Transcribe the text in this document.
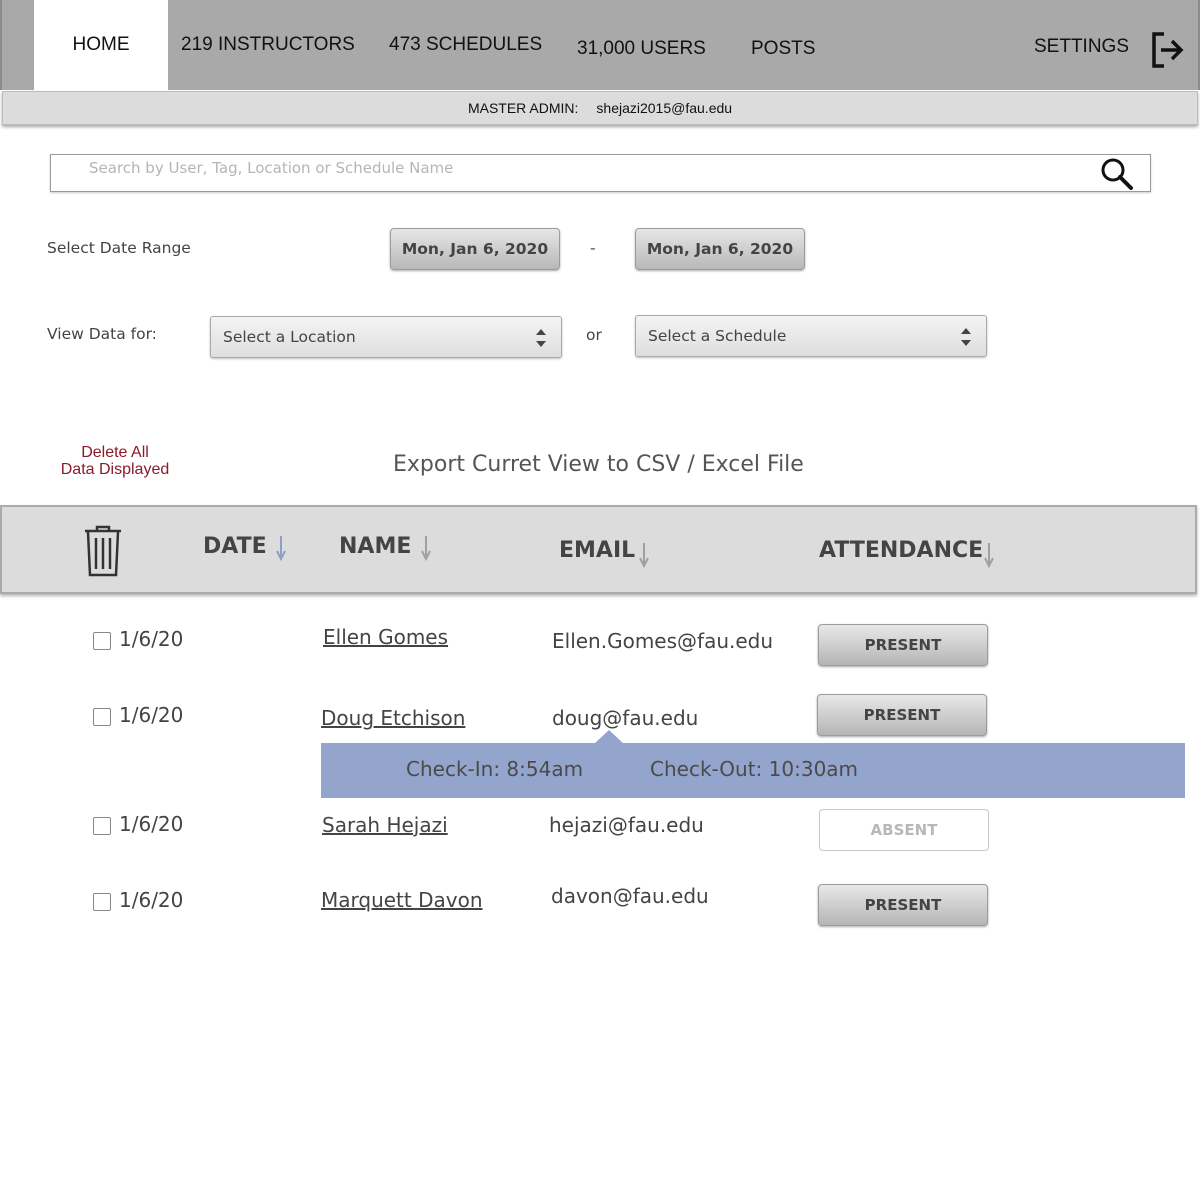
HOME	219 INSTRUCTORS 473 SCHEDULES 31,000 USERS POSTS	SETTINGS
MASTER ADMIN: shejazi2015@fau.edu
Search by User, Tag, Location or Schedule Name
Select Date Range	Mon, Jan 6, 2020	-	Mon, Jan 6, 2020
View Data for:	Select a Location	or	Select a Schedule
Delete All
Data Displayed	Export Curret View to CSV / Excel File
DATE	NAME	EMAIL	ATTENDANCE
1/6/20	Ellen Gomes	Ellen.Gomes@fau.edu	PRESENT
1/6/20	Doug Etchison	doug@fau.edu	PRESENT
Check-In: 8:54am	Check-Out: 10:30am
1/6/20	Sarah Hejazi	hejazi@fau.edu	ABSENT
1/6/20	Marquett Davon	davon@fau.edu	PRESENT
